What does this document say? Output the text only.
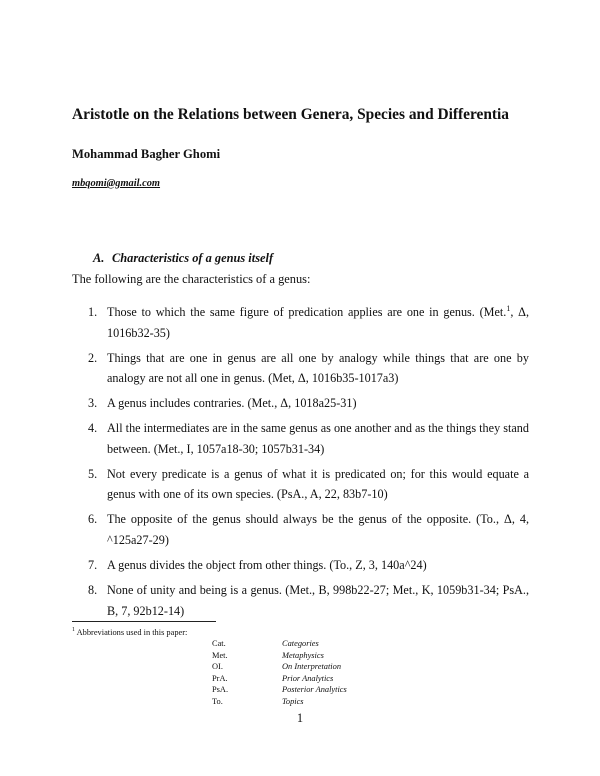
Aristotle on the Relations between Genera, Species and Differentia
Mohammad Bagher Ghomi
mbqomi@gmail.com
A. Characteristics of a genus itself
The following are the characteristics of a genus:
1. Those to which the same figure of predication applies are one in genus. (Met.$^1$, Δ, 1016b32-35)
2. Things that are one in genus are all one by analogy while things that are one by analogy are not all one in genus. (Met, Δ, 1016b35-1017a3)
3. A genus includes contraries. (Met., Δ, 1018a25-31)
4. All the intermediates are in the same genus as one another and as the things they stand between. (Met., I, 1057a18-30; 1057b31-34)
5. Not every predicate is a genus of what it is predicated on; for this would equate a genus with one of its own species. (PsA., A, 22, 83b7-10)
6. The opposite of the genus should always be the genus of the opposite. (To., Δ, 4, ^125a27-29)
7. A genus divides the object from other things. (To., Z, 3, 140a^24)
8. None of unity and being is a genus. (Met., B, 998b22-27; Met., K, 1059b31-34; PsA., B, 7, 92b12-14)
$^1$ Abbreviations used in this paper:
Cat.	Categories
Met.	Metaphysics
OI.	On Interpretation
PrA.	Prior Analytics
PsA.	Posterior Analytics
To.	Topics
1
